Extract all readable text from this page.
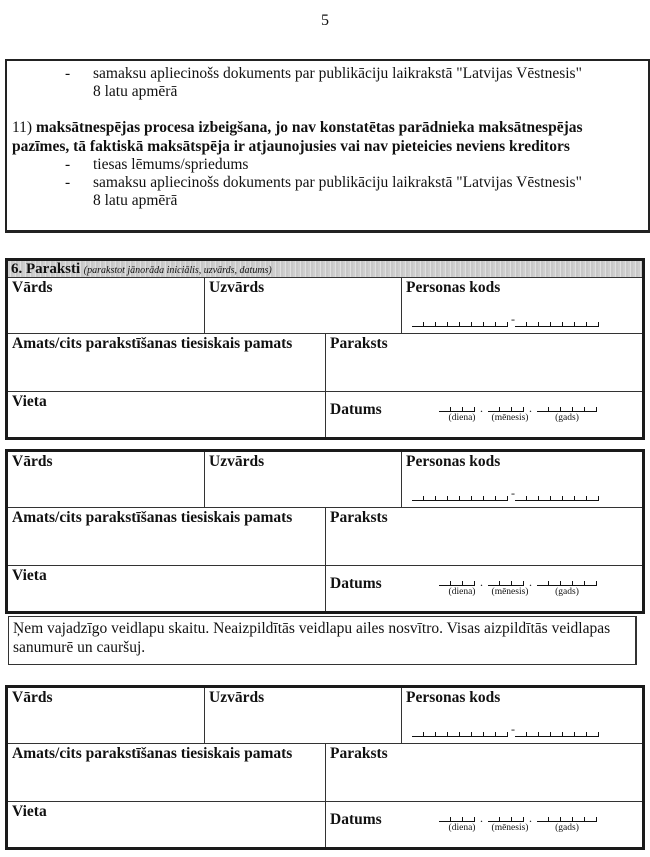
5
-	samaksu apliecinošs dokuments par publikāciju laikrakstā "Latvijas Vēstnesis"
8 latu apmērā
11) maksātnespējas procesa izbeigšana, jo nav konstatētas parādnieka maksātnespējas
pazīmes, tā faktiskā maksātspēja ir atjaunojusies vai nav pieteicies neviens kreditors
-	tiesas lēmums/spriedums
-	samaksu apliecinošs dokuments par publikāciju laikrakstā "Latvijas Vēstnesis"
8 latu apmērā
6. Paraksti (parakstot jānorāda iniciālis, uzvārds, datums)
Vārds	Uzvārds	Personas kods
-
Amats/cits parakstīšanas tiesiskais pamats	Paraksts
Vieta	Datums	.	.
(diena)	(mēnesis)	(gads)
Vārds	Uzvārds	Personas kods
-
Amats/cits parakstīšanas tiesiskais pamats	Paraksts
Vieta	Datums	.	.
(diena)	(mēnesis)	(gads)
Ņem vajadzīgo veidlapu skaitu. Neaizpildītās veidlapu ailes nosvītro. Visas aizpildītās veidlapas sanumurē un cauršuj.
Vārds	Uzvārds	Personas kods
-
Amats/cits parakstīšanas tiesiskais pamats	Paraksts
Vieta	Datums	.	.
(diena)	(mēnesis)	(gads)
